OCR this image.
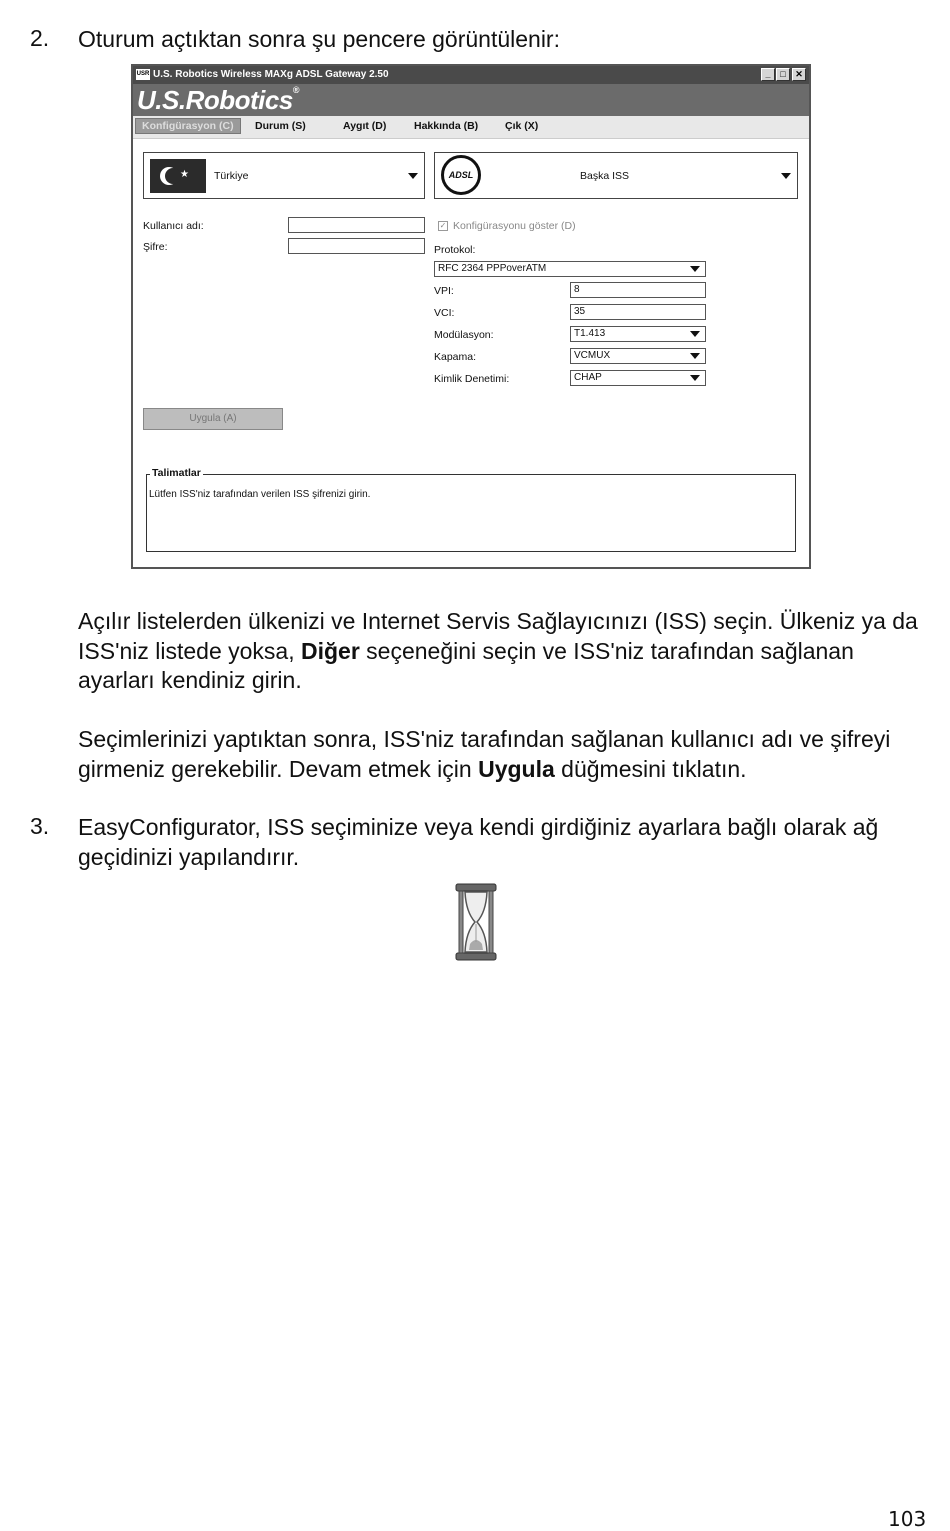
2. Oturum açtıktan sonra şu pencere görüntülenir:
USR U.S. Robotics Wireless MAXg ADSL Gateway 2.50	_	□	✕
U.S.Robotics®
Konfigürasyon (C)	Durum (S)	Aygıt (D)	Hakkında (B)	Çık (X)
★ Türkiye	ADSL	Başka ISS
Kullanıcı adı:
Şifre:
✓ Konfigürasyonu göster (D)
Protokol:
RFC 2364 PPPoverATM
VPI:	8
VCI:	35
Modülasyon:	T1.413
Kapama:	VCMUX
Kimlik Denetimi:	CHAP
Uygula (A)
Talimatlar
Lütfen ISS'niz tarafından verilen ISS şifrenizi girin.
Açılır listelerden ülkenizi ve Internet Servis Sağlayıcınızı (ISS) seçin. Ülkeniz ya da ISS'niz listede yoksa, Diğer seçeneğini seçin ve ISS'niz tarafından sağlanan ayarları kendiniz girin.
Seçimlerinizi yaptıktan sonra, ISS'niz tarafından sağlanan kullanıcı adı ve şifreyi girmeniz gerekebilir. Devam etmek için Uygula düğmesini tıklatın.
3. EasyConfigurator, ISS seçiminize veya kendi girdiğiniz ayarlara bağlı olarak ağ geçidinizi yapılandırır.
103
